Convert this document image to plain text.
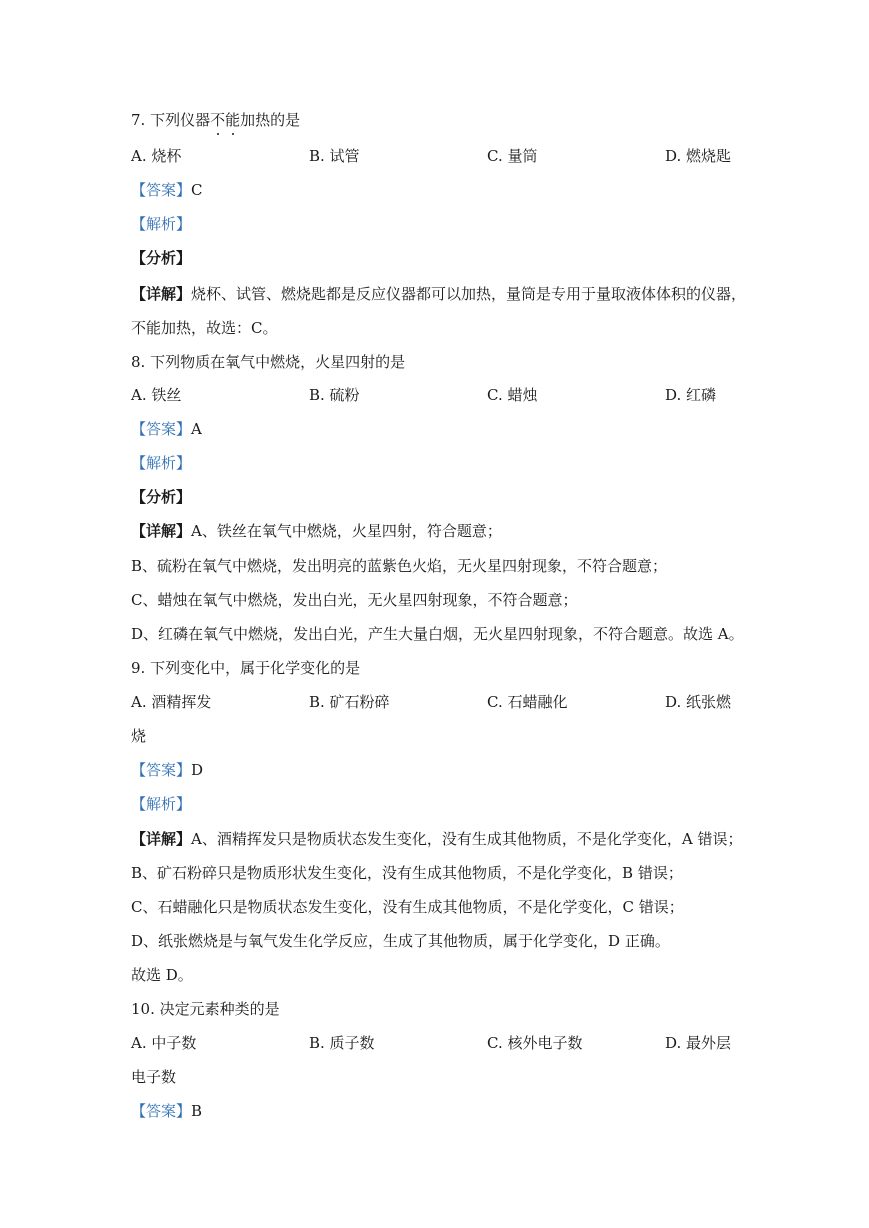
7. 下列仪器不能加热的是
A. 烧杯	B. 试管	C. 量筒	D. 燃烧匙
【答案】C
【解析】
【分析】
【详解】烧杯、试管、燃烧匙都是反应仪器都可以加热，量筒是专用于量取液体体积的仪器，
不能加热，故选：C。
8. 下列物质在氧气中燃烧，火星四射的是
A. 铁丝	B. 硫粉	C. 蜡烛	D. 红磷
【答案】A
【解析】
【分析】
【详解】A、铁丝在氧气中燃烧，火星四射，符合题意；
B、硫粉在氧气中燃烧，发出明亮的蓝紫色火焰，无火星四射现象，不符合题意；
C、蜡烛在氧气中燃烧，发出白光，无火星四射现象，不符合题意；
D、红磷在氧气中燃烧，发出白光，产生大量白烟，无火星四射现象，不符合题意。故选 A。
9. 下列变化中，属于化学变化的是
A. 酒精挥发	B. 矿石粉碎	C. 石蜡融化	D. 纸张燃
烧
【答案】D
【解析】
【详解】A、酒精挥发只是物质状态发生变化，没有生成其他物质，不是化学变化，A 错误；
B、矿石粉碎只是物质形状发生变化，没有生成其他物质，不是化学变化，B 错误；
C、石蜡融化只是物质状态发生变化，没有生成其他物质，不是化学变化，C 错误；
D、纸张燃烧是与氧气发生化学反应，生成了其他物质，属于化学变化，D 正确。
故选 D。
10. 决定元素种类的是
A. 中子数	B. 质子数	C. 核外电子数	D. 最外层
电子数
【答案】B
